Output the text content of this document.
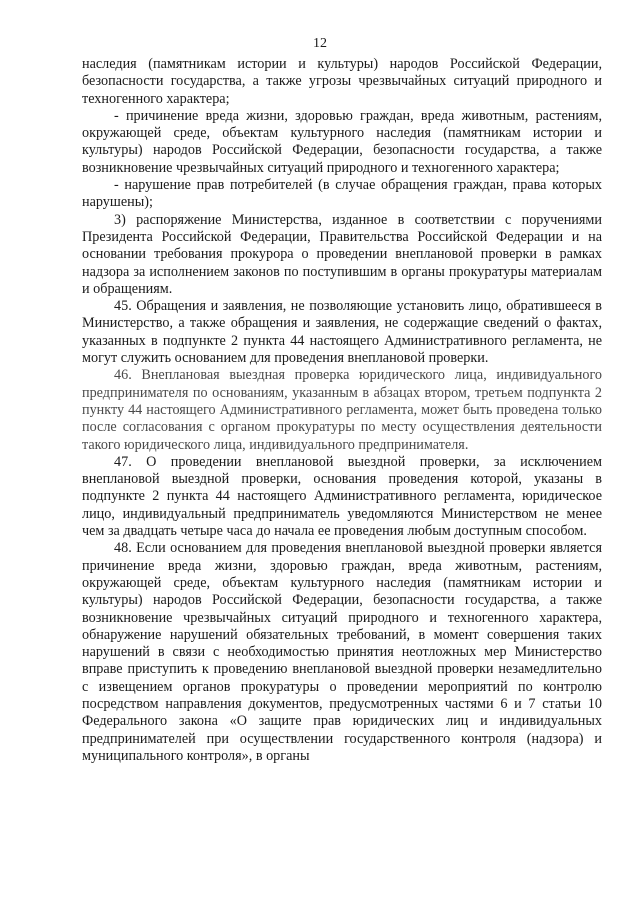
12

наследия (памятникам истории и культуры) народов Российской Федерации, безопасности государства, а также угрозы чрезвычайных ситуаций природного и техногенного характера;

- причинение вреда жизни, здоровью граждан, вреда животным, растениям, окружающей среде, объектам культурного наследия (памятникам истории и культуры) народов Российской Федерации, безопасности государства, а также возникновение чрезвычайных ситуаций природного и техногенного характера;

- нарушение прав потребителей (в случае обращения граждан, права которых нарушены);

3) распоряжение Министерства, изданное в соответствии с поручениями Президента Российской Федерации, Правительства Российской Федерации и на основании требования прокурора о проведении внеплановой проверки в рамках надзора за исполнением законов по поступившим в органы прокуратуры материалам и обращениям.

45. Обращения и заявления, не позволяющие установить лицо, обратившееся в Министерство, а также обращения и заявления, не содержащие сведений о фактах, указанных в подпункте 2 пункта 44 настоящего Административного регламента, не могут служить основанием для проведения внеплановой проверки.

46. Внеплановая выездная проверка юридического лица, индивидуального предпринимателя по основаниям, указанным в абзацах втором, третьем подпункта 2 пункту 44 настоящего Административного регламента, может быть проведена только после согласования с органом прокуратуры по месту осуществления деятельности такого юридического лица, индивидуального предпринимателя.

47. О проведении внеплановой выездной проверки, за исключением внеплановой выездной проверки, основания проведения которой, указаны в подпункте 2 пункта 44 настоящего Административного регламента, юридическое лицо, индивидуальный предприниматель уведомляются Министерством не менее чем за двадцать четыре часа до начала ее проведения любым доступным способом.

48. Если основанием для проведения внеплановой выездной проверки является причинение вреда жизни, здоровью граждан, вреда животным, растениям, окружающей среде, объектам культурного наследия (памятникам истории и культуры) народов Российской Федерации, безопасности государства, а также возникновение чрезвычайных ситуаций природного и техногенного характера, обнаружение нарушений обязательных требований, в момент совершения таких нарушений в связи с необходимостью принятия неотложных мер Министерство вправе приступить к проведению внеплановой выездной проверки незамедлительно с извещением органов прокуратуры о проведении мероприятий по контролю посредством направления документов, предусмотренных частями 6 и 7 статьи 10 Федерального закона «О защите прав юридических лиц и индивидуальных предпринимателей при осуществлении государственного контроля (надзора) и муниципального контроля», в органы
